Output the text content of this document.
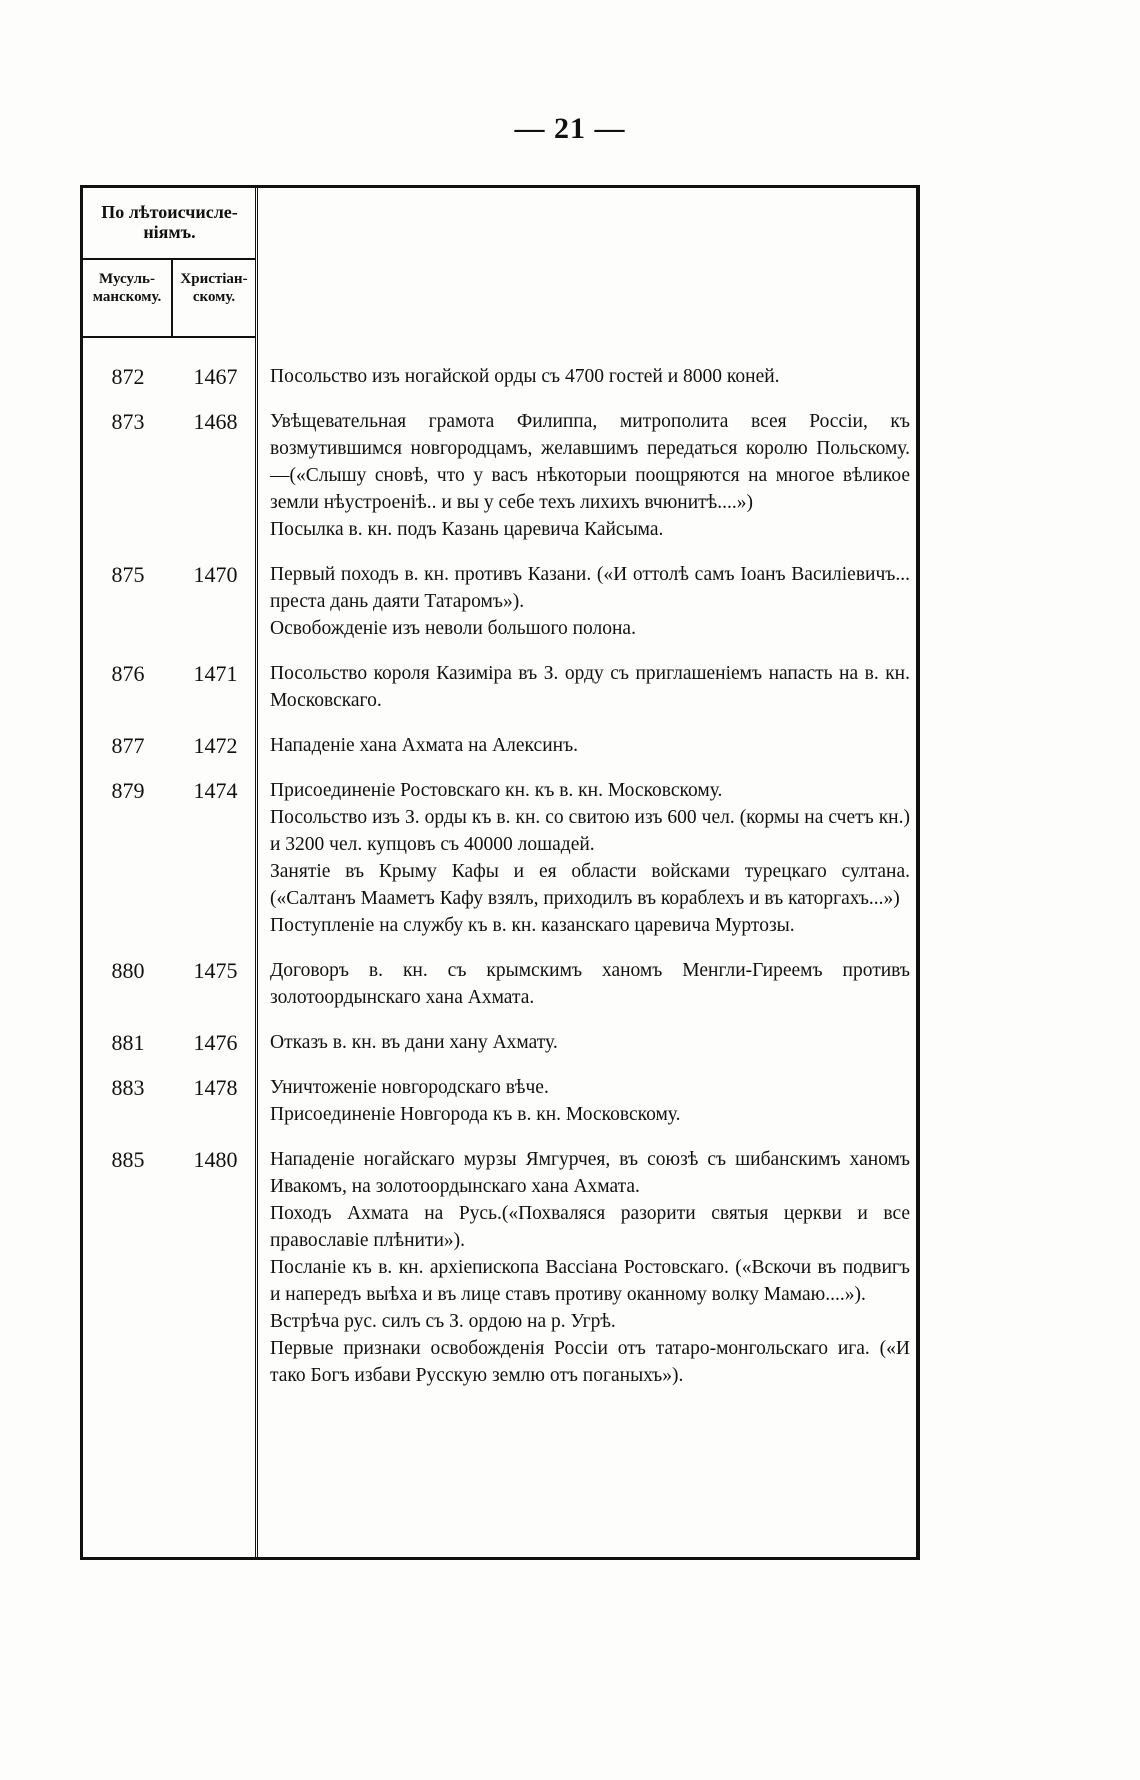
— 21 —
По лѣтоисчисле-
ніямъ.
Мусуль-
манскому.
Христіан-
скому.
872	1467	Посольство изъ ногайской орды съ 4700 гостей и 8000 коней.
873	1468	Увѣщевательная грамота Филиппа, митрополита всея Россіи, къ возмутившимся новгородцамъ, желавшимъ передаться королю Польскому.—(«Слышу сновѣ, что у васъ нѣкоторыи поощряются на многое вѣликое земли нѣустроеніѣ.. и вы у себе техъ лихихъ вчюнитѣ....»)
Посылка в. кн. подъ Казань царевича Кайсыма.
875	1470	Первый походъ в. кн. противъ Казани. («И оттолѣ самъ Іоанъ Василіевичъ... преста дань даяти Татаромъ»).
Освобожденіе изъ неволи большого полона.
876	1471	Посольство короля Казиміра въ З. орду съ приглашеніемъ напасть на в. кн. Московскаго.
877	1472	Нападеніе хана Ахмата на Алексинъ.
879	1474	Присоединеніе Ростовскаго кн. къ в. кн. Московскому.
Посольство изъ З. орды къ в. кн. со свитою изъ 600 чел. (кормы на счетъ кн.) и 3200 чел. купцовъ съ 40000 лошадей.
Занятіе въ Крыму Кафы и ея области войсками турецкаго султана. («Салтанъ Мааметъ Кафу взялъ, приходилъ въ кораблехъ и въ каторгахъ...»)
Поступленіе на службу къ в. кн. казанскаго царевича Муртозы.
880	1475	Договоръ в. кн. съ крымскимъ ханомъ Менгли-Гиреемъ противъ золотоордынскаго хана Ахмата.
881	1476	Отказъ в. кн. въ дани хану Ахмату.
883	1478	Уничтоженіе новгородскаго вѣче.
Присоединеніе Новгорода къ в. кн. Московскому.
885	1480	Нападеніе ногайскаго мурзы Ямгурчея, въ союзѣ съ шибанскимъ ханомъ Ивакомъ, на золотоордынскаго хана Ахмата.
Походъ Ахмата на Русь.(«Похваляся разорити святыя церкви и все православіе плѣнити»).
Посланіе къ в. кн. архіепископа Вассіана Ростовскаго. («Вскочи въ подвигъ и напередъ выѣха и въ лице ставъ противу оканному волку Мамаю....»).
Встрѣча рус. силъ съ З. ордою на р. Угрѣ.
Первые признаки освобожденія Россіи отъ татаро-монгольскаго ига. («И тако Богъ избави Русскую землю отъ поганыхъ»).
